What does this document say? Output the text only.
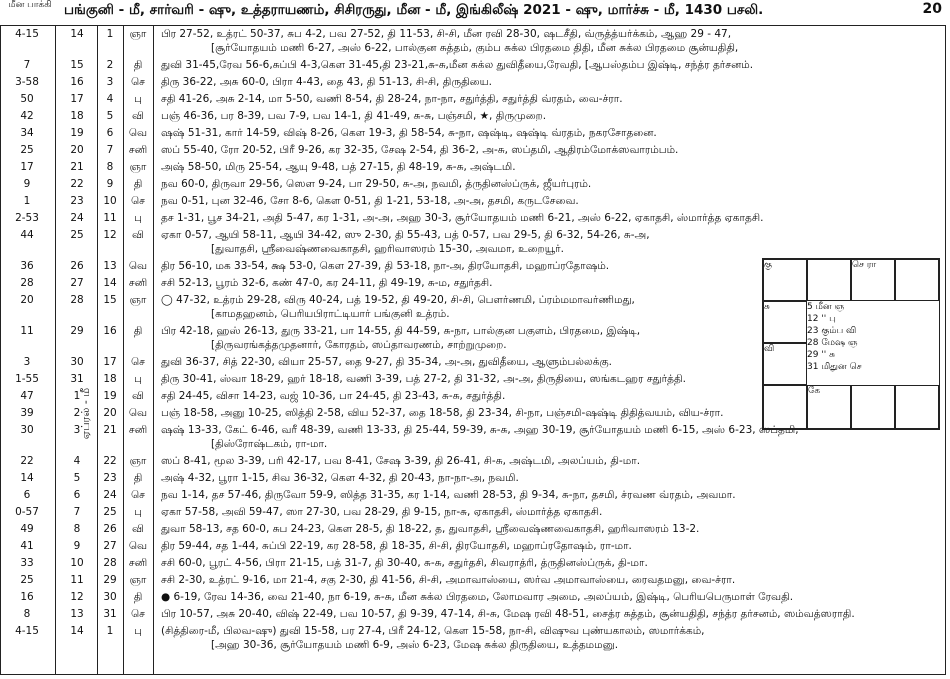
மீன பாக்கி பங்குனி - மீ, சார்வரி - ஷு, உத்தராயணம், சிசிரருது, மீன - மீ, இங்கிலீஷ் 2021 - ஷு, மார்ச்சு - மீ, 1430 பசலி.	20
ஏப்ரல் - மீ
4-15	14	1	ஞா	பிர 27-52, உத்ரட் 50-37, சுப 4-2, பவ 27-52, தி 11-53, சி-சி, மீன ரவி 28-30, ஷடசீதி, வ்ருத்த்யர்க்கம், ஆஹ 29 - 47,
[சூர்யோதயம் மணி 6-27, அஸ் 6-22, பால்குன சுத்தம், கும்ப சுக்ல பிரதமை திதி, மீன சுக்ல பிரதமை சூன்யதிதி,
7	15	2	தி	துவி 31-45,ரேவ 56-6,சுப்பி 4-3,கௌ 31-45,தி 23-21,சு-சு,மீன சுக்ல துவிதீயை,ரேவதி, [ஆபஸ்தம்ப இஷ்டி, சந்த்ர தர்சனம்.
3-58	16	3	செ	திரு 36-22, அசு 60-0, பிரா 4-43, தை 43, தி 51-13, சி-சி, திருதியை.
50	17	4	பு	சதி 41-26, அசு 2-14, மா 5-50, வணி 8-54, தி 28-24, நா-நா, சதுர்த்தி, சதுர்த்தி வ்ரதம், வை-ச்ரா.
42	18	5	வி	பஞ் 46-36, பர 8-39, பவ 7-9, பவ 14-1, தி 41-49, சு-சு, பஞ்சமி, ★, திருமுறை.
34	19	6	வெ	ஷஷ் 51-31, கார் 14-59, விஷ் 8-26, கௌ 19-3, தி 58-54, சு-நா, ஷஷ்டி, ஷஷ்டி வ்ரதம், நகரசோதனை.
25	20	7	சனி	ஸப் 55-40, ரோ 20-52, பிரீ 9-26, கர 32-35, சேஷ 2-54, தி 36-2, அ-சு, ஸப்தமி, ஆதிரம்மோக்ஸவாரம்பம்.
17	21	8	ஞா	அஷ் 58-50, மிரு 25-54, ஆயு 9-48, பத் 27-15, தி 48-19, சு-சு, அஷ்டமி.
9	22	9	தி	நவ 60-0, திருவா 29-56, ஸௌ 9-24, பா 29-50, சு-அ, நவமி, த்ருதினஸ்ப்ருக், ஜீயர்புரம்.
1	23	10	செ	நவ 0-51, புன 32-46, சோ 8-6, கௌ 0-51, தி 1-21, 53-18, அ-அ, தசமி, கருடசேவை.
2-53	24	11	பு	தச 1-31, பூச 34-21, அதி 5-47, கர 1-31, அ-அ, அஹ 30-3, சூர்யோதயம் மணி 6-21, அஸ் 6-22, ஏகாதசி, ஸ்மார்த்த ஏகாதசி.
44	25	12	வி	ஏகா 0-57, ஆயி 58-11, ஆயி 34-42, ஸு 2-30, தி 55-43, பத் 0-57, பவ 29-5, தி 6-32, 54-26, சு-அ,
[துவாதசி, ஸ்ரீவைஷ்ணவைகாதசி, ஹரிவாஸரம் 15-30, அவமா, உறையூர்.
36	26	13	வெ	திர 56-10, மக 33-54, க்ஷ 53-0, கௌ 27-39, தி 53-18, நா-அ, திரயோதசி, மஹாப்ரதோஷம்.
28	27	14	சனி	சசி 52-13, பூரம் 32-6, கண் 47-0, கர 24-11, தி 49-19, சு-ம, சதுர்தசி.
20	28	15	ஞா	◯ 47-32, உத்ரம் 29-28, விரு 40-24, பத் 19-52, தி 49-20, சி-சி, பௌர்ணமி, ப்ரம்மமாவர்ணிமது,
[காமதஹனம், பெரியபிராட்டியார் பங்குனி உத்ரம்.
11	29	16	தி	பிர 42-18, ஹஸ் 26-13, துரு 33-21, பா 14-55, தி 44-59, சு-நா, பால்குன பகுளம், பிரதமை, இஷ்டி,
[திருவரங்கத்தமுதனார், கோரதம், ஸப்தாவரணம், சாற்றுமுறை.
3	30	17	செ	துவி 36-37, சித் 22-30, வியா 25-57, தை 9-27, தி 35-34, அ-அ, துவிதீயை, ஆளும்பல்லக்கு.
1-55	31	18	பு	திரு 30-41, ஸ்வா 18-29, ஹர் 18-18, வணி 3-39, பத் 27-2, தி 31-32, அ-அ, திருதியை, ஸங்கடஹர சதுர்த்தி.
47	1	19	வி	சதி 24-45, விசா 14-23, வஜ் 10-36, பா 24-45, தி 23-43, சு-சு, சதுர்த்தி.
39	2	20	வெ	பஞ் 18-58, அனு 10-25, ஸித்தி 2-58, விய 52-37, தை 18-58, தி 23-34, சி-நா, பஞ்சமி-ஷஷ்டி திதித்வயம், விய-ச்ரா.
30	3	21	சனி	ஷஷ் 13-33, கேட் 6-46, வரீ 48-39, வணி 13-33, தி 25-44, 59-39, சு-சு, அஹ 30-19, சூர்யோதயம் மணி 6-15, அஸ் 6-23, ஸப்தமி,
[திஸ்ரோஷ்டகம், ரா-மா.
22	4	22	ஞா	ஸப் 8-41, மூல 3-39, பரி 42-17, பவ 8-41, சேஷ 3-39, தி 26-41, சி-சு, அஷ்டமி, அலப்யம், தி-மா.
14	5	23	தி	அஷ் 4-32, பூரா 1-15, சிவ 36-32, கௌ 4-32, தி 20-43, நா-நா-அ, நவமி.
6	6	24	செ	நவ 1-14, தச 57-46, திருவோ 59-9, ஸித்த 31-35, கர 1-14, வணி 28-53, தி 9-34, சு-நா, தசமி, ச்ரவண வ்ரதம், அவமா.
0-57	7	25	பு	ஏகா 57-58, அவி 59-47, ஸா 27-30, பவ 28-29, தி 9-15, நா-சு, ஏகாதசி, ஸ்மார்த்த ஏகாதசி.
49	8	26	வி	துவா 58-13, சத 60-0, சுப 24-23, கௌ 28-5, தி 18-22, த, துவாதசி, ஸ்ரீவைஷ்ணவைகாதசி, ஹரிவாஸரம் 13-2.
41	9	27	வெ	திர 59-44, சத 1-44, சுப்பி 22-19, கர 28-58, தி 18-35, சி-சி, திரயோதசி, மஹாப்ரதோஷம், ரா-மா.
33	10	28	சனி	சசி 60-0, பூரட் 4-56, பிரா 21-15, பத் 31-7, தி 30-40, சு-சு, சதுர்தசி, சிவராத்ரி, த்ருதினஸ்ப்ருக், தி-மா.
25	11	29	ஞா	சசி 2-30, உத்ரட் 9-16, மா 21-4, சகு 2-30, தி 41-56, சி-சி, அமாவாஸ்யை, ஸர்வ அமாவாஸ்யை, ரைவதமனு, வை-ச்ரா.
16	12	30	தி	● 6-19, ரேவ 14-36, வை 21-40, நா 6-19, சு-சு, மீன சுக்ல பிரதமை, லோமவார அமை, அலப்யம், இஷ்டி, பெரியபெருமாள் ரேவதி.
8	13	31	செ	பிர 10-57, அசு 20-40, விஷ் 22-49, பவ 10-57, தி 9-39, 47-14, சி-சு, மேஷ ரவி 48-51, சைத்ர சுத்தம், சூன்யதிதி, சந்த்ர தர்சனம், ஸம்வத்ஸராதி.
4-15	14	1	பு	(சித்திரை-மீ, பிலவ-ஷு) துவி 15-58, பர 27-4, பிரீ 24-12, கௌ 15-58, நா-சி, விஷுவ புண்யகாலம், ஸமார்க்கம்,
[அஹ 30-36, சூர்யோதயம் மணி 6-9, அஸ் 6-23, மேஷ சுக்ல திருதியை, உத்தமமனு.
கு	செ ரா
சு
வி
கே
5 மீன ஞ
12 '' பு
23 கும்ப வி
28 மேஷ ஞ
29 '' சு
31 மிதுன செ
